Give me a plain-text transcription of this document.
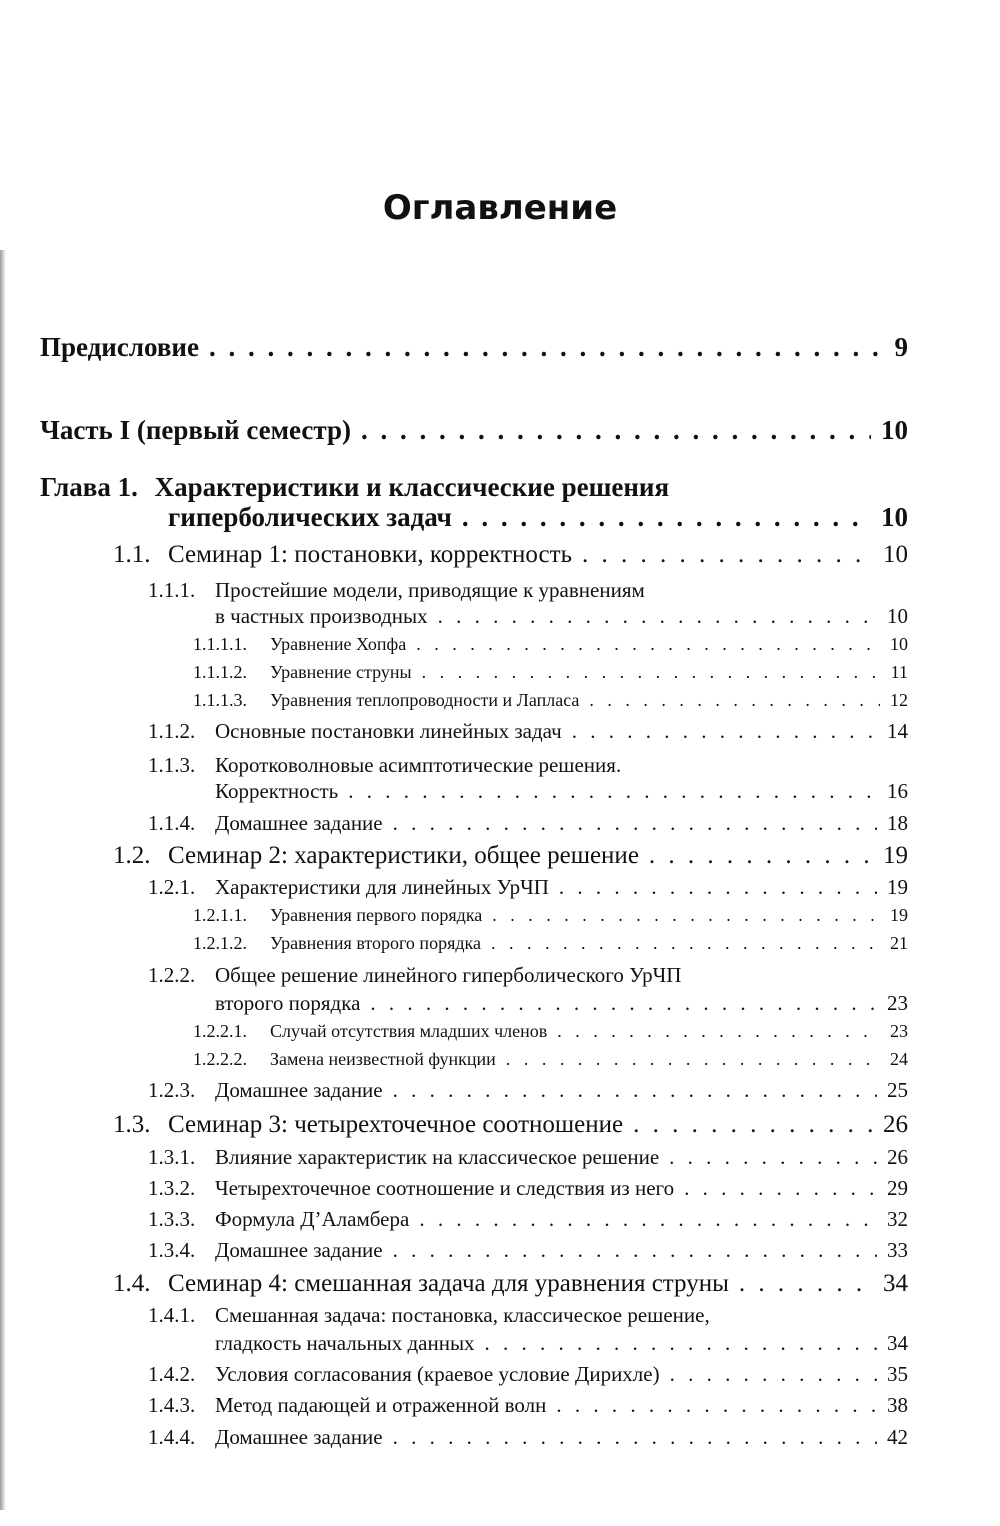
Оглавление
Предисловие . . .	9
Часть I (первый семестр) . . .	10
Глава 1. Характеристики и классические решения
гиперболических задач . . .	10
1.1. Семинар 1: постановки, корректность . . .	10
1.1.1. Простейшие модели, приводящие к уравнениям
в частных производных . . .	10
1.1.1.1. Уравнение Хопфа . . .	10
1.1.1.2. Уравнение струны . . .	11
1.1.1.3. Уравнения теплопроводности и Лапласа . . .	12
1.1.2. Основные постановки линейных задач . . .	14
1.1.3. Коротковолновые асимптотические решения.
Корректность . . .	16
1.1.4. Домашнее задание . . .	18
1.2. Семинар 2: характеристики, общее решение . . .	19
1.2.1. Характеристики для линейных УрЧП . . .	19
1.2.1.1. Уравнения первого порядка . . .	19
1.2.1.2. Уравнения второго порядка . . .	21
1.2.2. Общее решение линейного гиперболического УрЧП
второго порядка . . .	23
1.2.2.1. Случай отсутствия младших членов . . .	23
1.2.2.2. Замена неизвестной функции . . .	24
1.2.3. Домашнее задание . . .	25
1.3. Семинар 3: четырехточечное соотношение . . .	26
1.3.1. Влияние характеристик на классическое решение . . .	26
1.3.2. Четырехточечное соотношение и следствия из него . . .	29
1.3.3. Формула Д’Аламбера . . .	32
1.3.4. Домашнее задание . . .	33
1.4. Семинар 4: смешанная задача для уравнения струны . . .	34
1.4.1. Смешанная задача: постановка, классическое решение,
гладкость начальных данных . . .	34
1.4.2. Условия согласования (краевое условие Дирихле) . . .	35
1.4.3. Метод падающей и отраженной волн . . .	38
1.4.4. Домашнее задание . . .	42
